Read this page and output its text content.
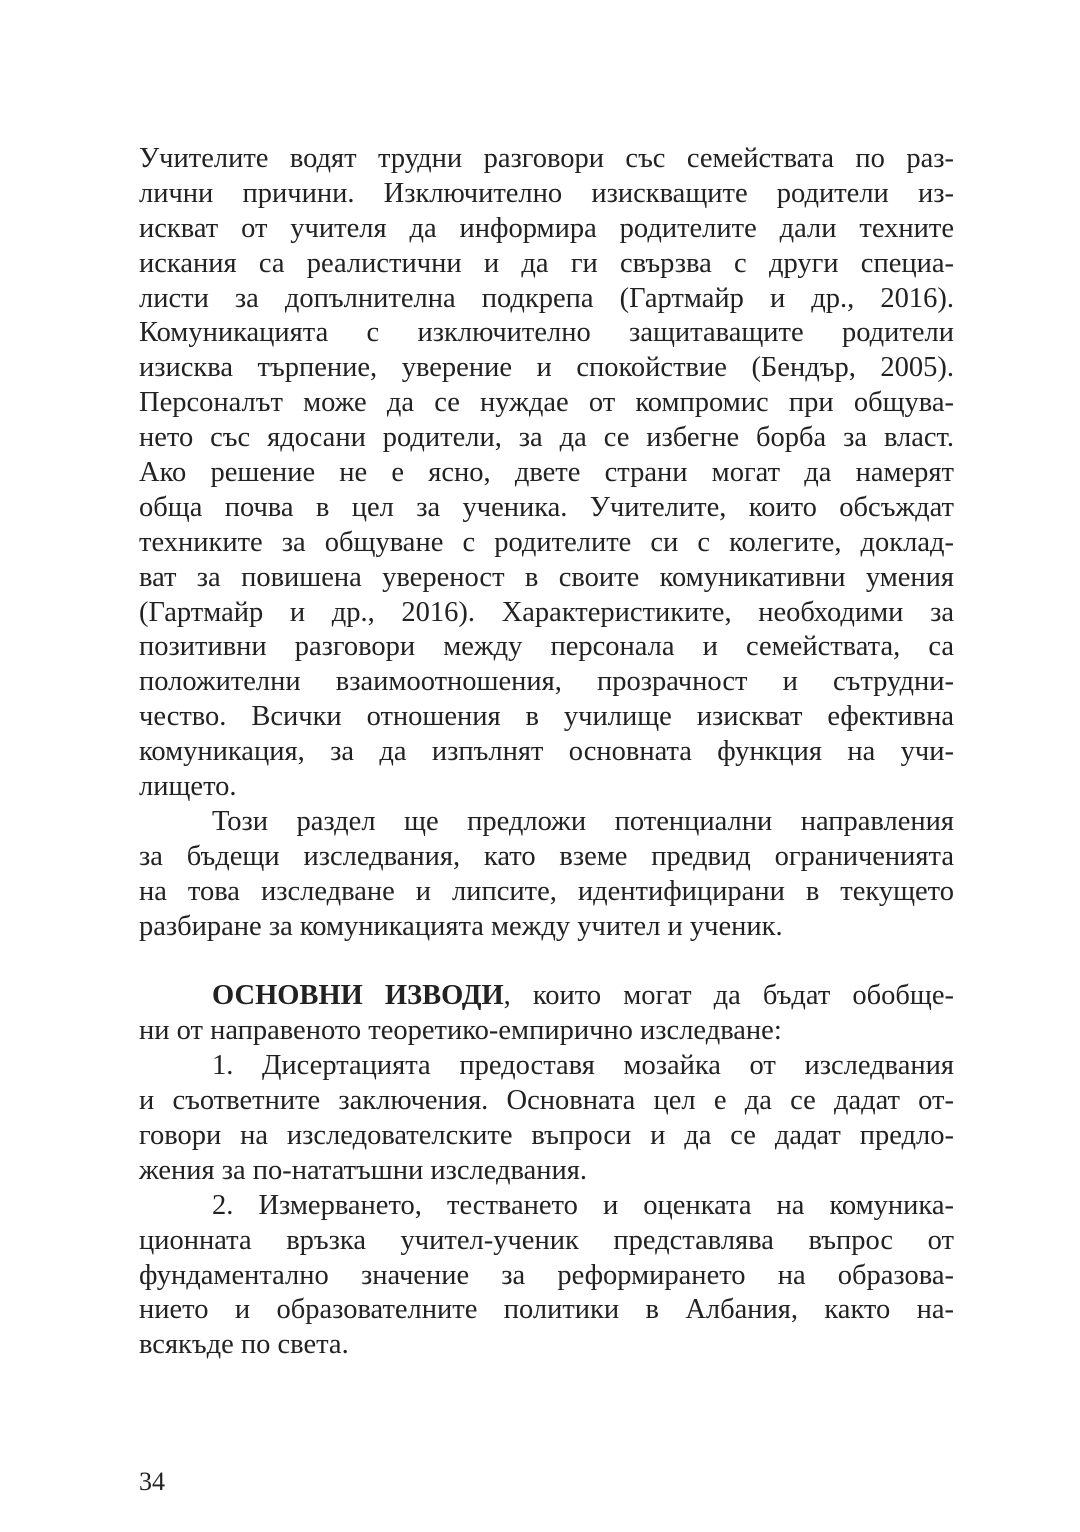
Учителите водят трудни разговори със семействата по раз-
лични причини. Изключително изискващите родители из-
искват от учителя да информира родителите дали техните
искания са реалистични и да ги свързва с други специа-
листи за допълнителна подкрепа (Гартмайр и др., 2016).
Комуникацията с изключително защитаващите родители
изисква търпение, уверение и спокойствие (Бендър, 2005).
Персоналът може да се нуждае от компромис при общува-
нето със ядосани родители, за да се избегне борба за власт.
Ако решение не е ясно, двете страни могат да намерят
обща почва в цел за ученика. Учителите, които обсъждат
техниките за общуване с родителите си с колегите, доклад-
ват за повишена увереност в своите комуникативни умения
(Гартмайр и др., 2016). Характеристиките, необходими за
позитивни разговори между персонала и семействата, са
положителни взаимоотношения, прозрачност и сътрудни-
чество. Всички отношения в училище изискват ефективна
комуникация, за да изпълнят основната функция на учи-
лището.
Този раздел ще предложи потенциални направления
за бъдещи изследвания, като вземе предвид ограниченията
на това изследване и липсите, идентифицирани в текущето
разбиране за комуникацията между учител и ученик.
ОСНОВНИ ИЗВОДИ, които могат да бъдат обобще-
ни от направеното теоретико-емпирично изследване:
1. Дисертацията предоставя мозайка от изследвания
и съответните заключения. Основната цел е да се дадат от-
говори на изследователските въпроси и да се дадат предло-
жения за по-нататъшни изследвания.
2. Измерването, тестването и оценката на комуника-
ционната връзка учител-ученик представлява въпрос от
фундаментално значение за реформирането на образова-
нието и образователните политики в Албания, както на-
всякъде по света.
34
